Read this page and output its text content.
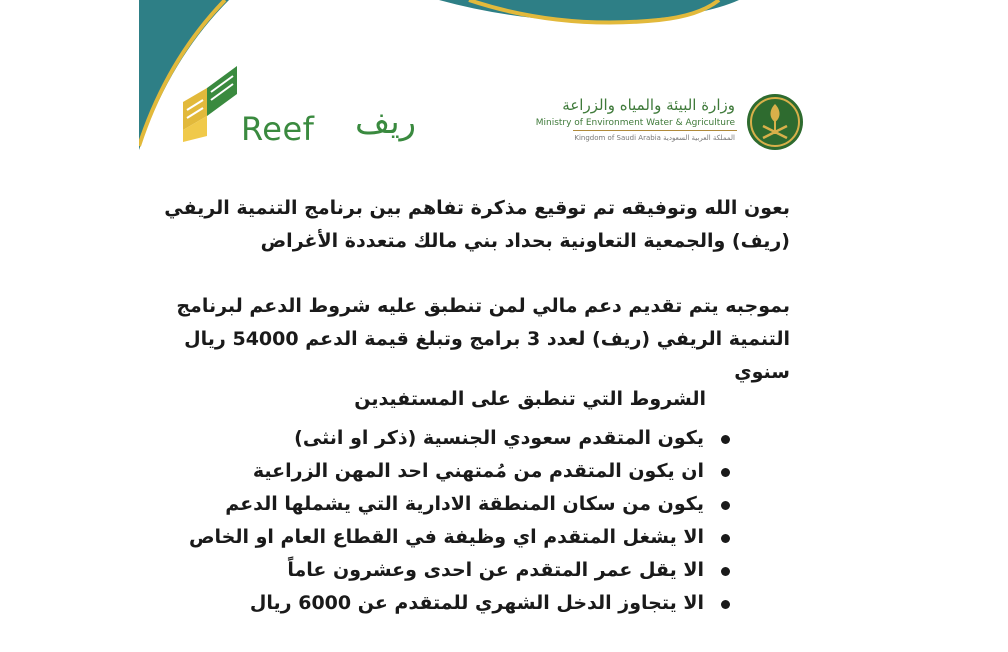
Reef ريف	وزارة البيئة والمياه والزراعة
Ministry of Environment Water & Agriculture
Kingdom of Saudi Arabia المملكة العربية السعودية
بعون الله وتوفيقه تم توقيع مذكرة تفاهم بين برنامج التنمية الريفي
(ريف) والجمعية التعاونية بحداد بني مالك متعددة الأغراض
بموجبه يتم تقديم دعم مالي لمن تنطبق عليه شروط الدعم لبرنامج
التنمية الريفي (ريف) لعدد 3 برامج وتبلغ قيمة الدعم 54000 ريال سنوي
الشروط التي تنطبق على المستفيدين
يكون المتقدم سعودي الجنسية (ذكر او انثى)
ان يكون المتقدم من مُمتهني احد المهن الزراعية
يكون من سكان المنطقة الادارية التي يشملها الدعم
الا يشغل المتقدم اي وظيفة في القطاع العام او الخاص
الا يقل عمر المتقدم عن احدى وعشرون عاماً
الا يتجاوز الدخل الشهري للمتقدم عن 6000 ريال
